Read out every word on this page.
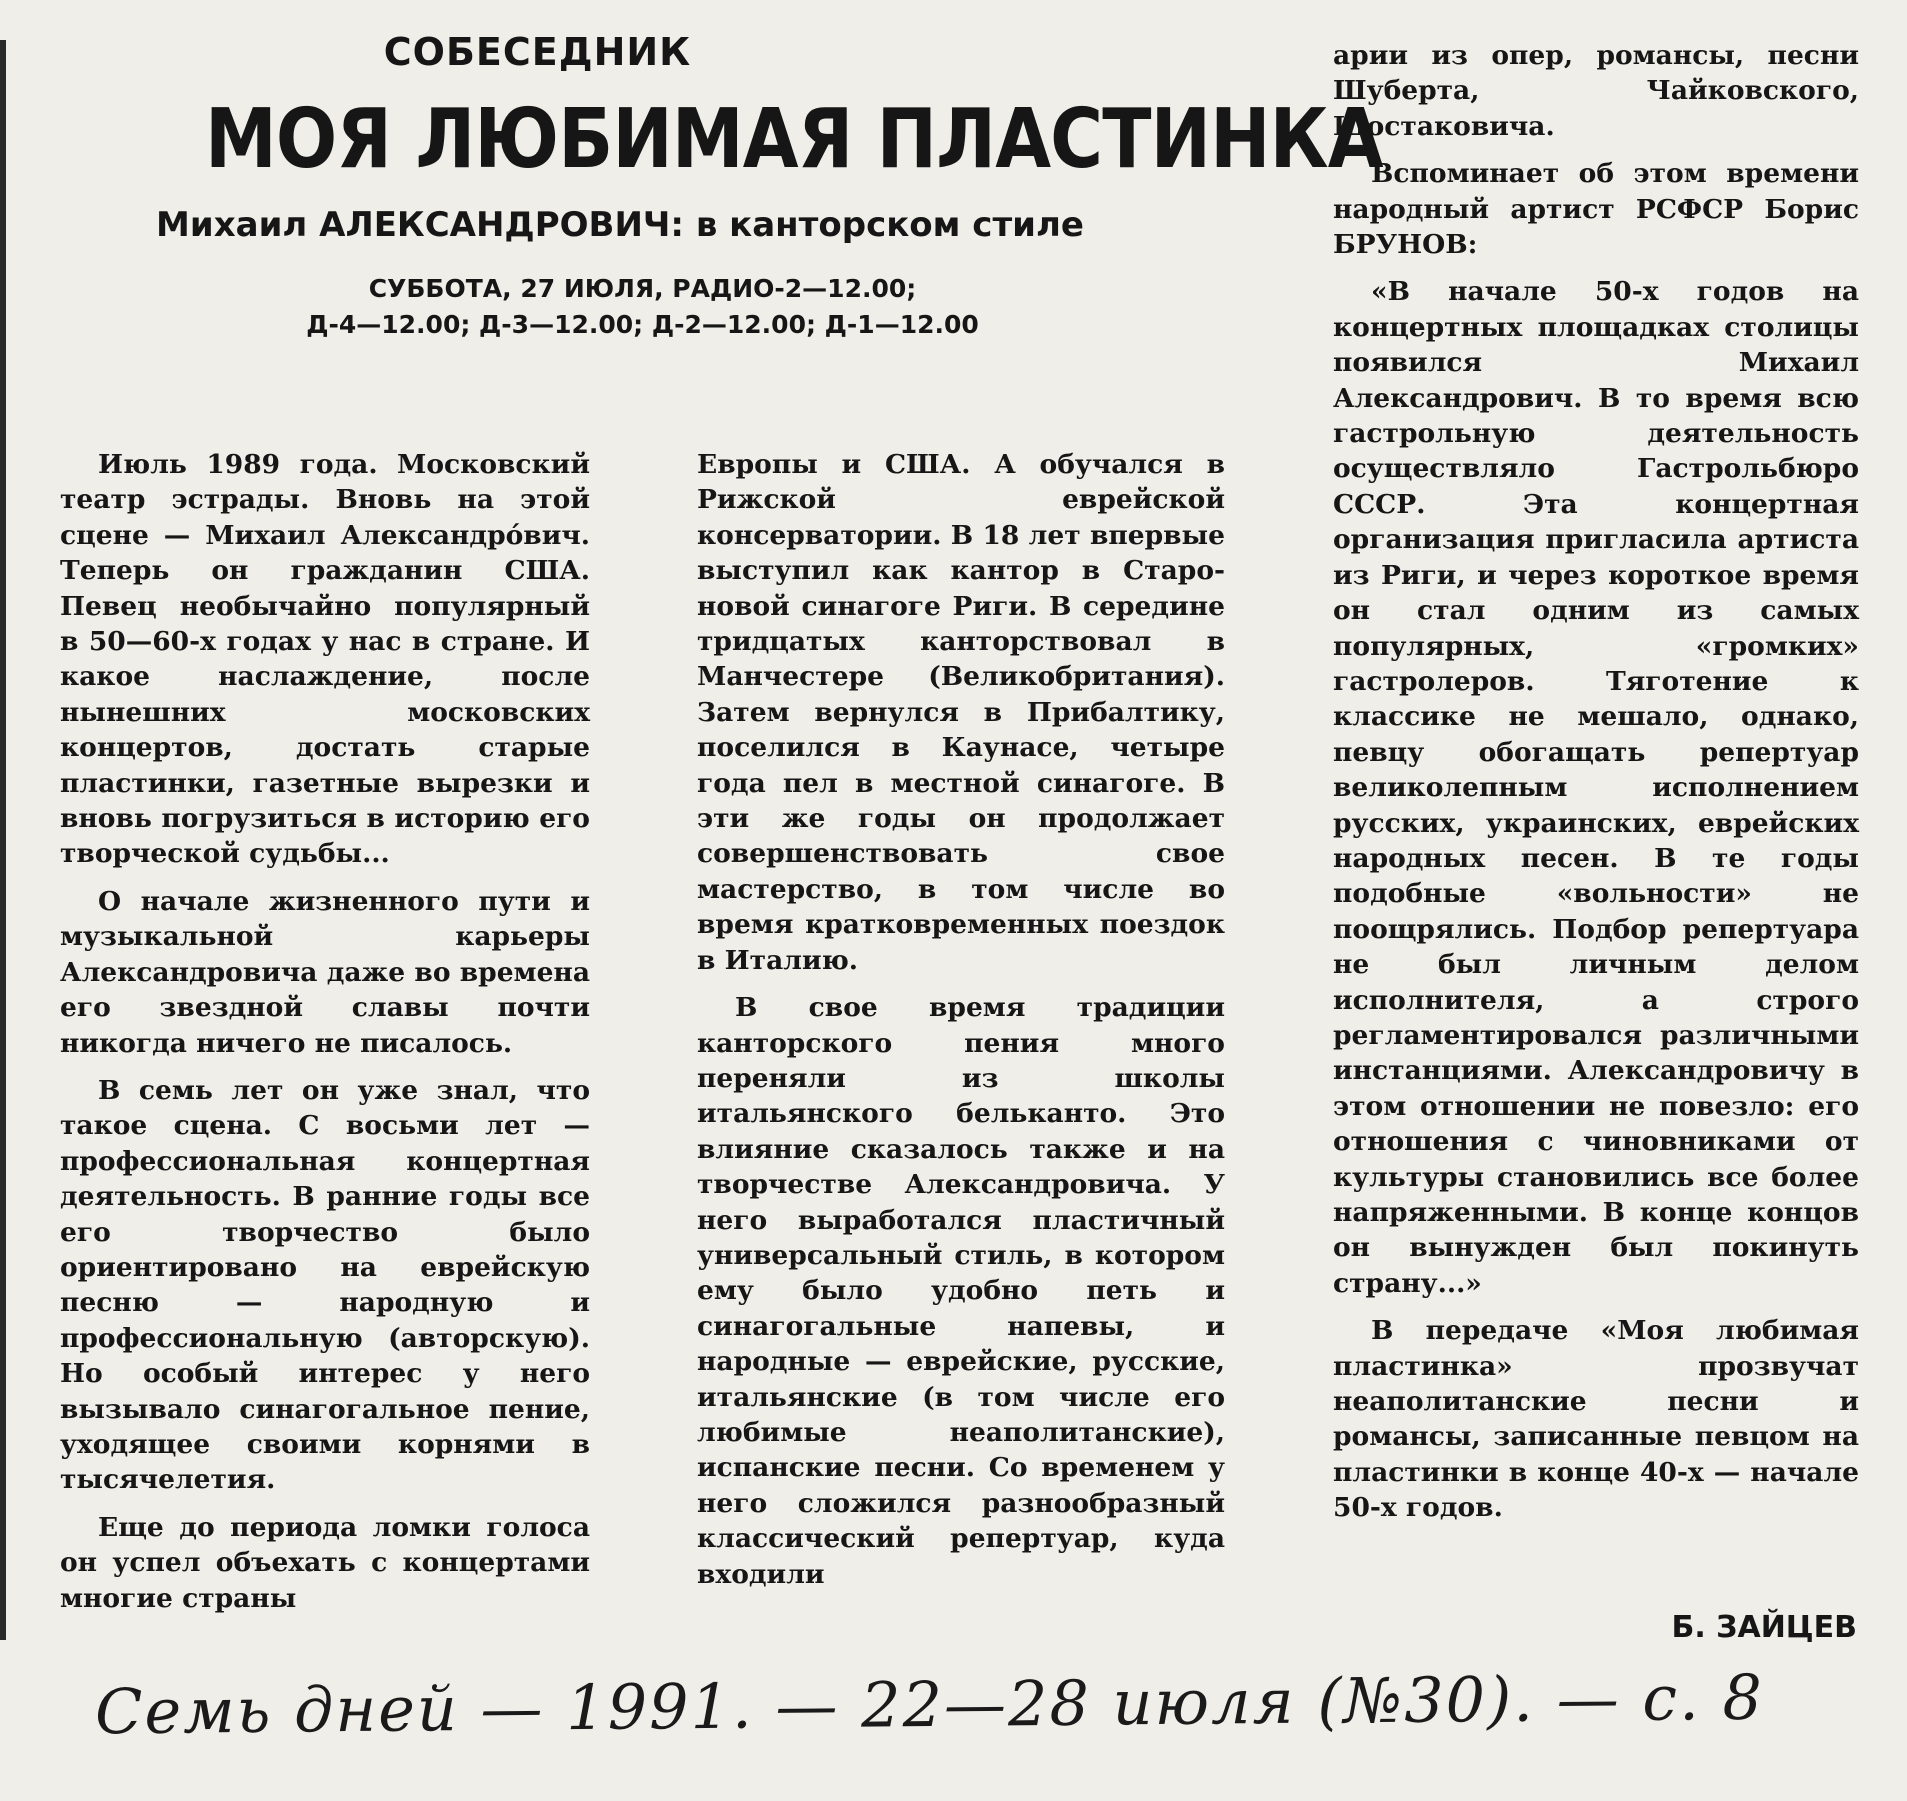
СОБЕСЕДНИК
МОЯ ЛЮБИМАЯ ПЛАСТИНКА
Михаил АЛЕКСАНДРОВИЧ: в канторском стиле
СУББОТА, 27 ИЮЛЯ, РАДИО-2—12.00;
Д-4—12.00; Д-3—12.00; Д-2—12.00; Д-1—12.00

Июль 1989 года. Московский театр эстрады. Вновь на этой сцене — Михаил Александрóвич. Теперь он гражданин США. Певец необычайно популярный в 50—60-х годах у нас в стране. И какое наслаждение, после нынешних московских концертов, достать старые пластинки, газетные вырезки и вновь погрузиться в историю его творческой судьбы...

О начале жизненного пути и музыкальной карьеры Александровича даже во времена его звездной славы почти никогда ничего не писалось.

В семь лет он уже знал, что такое сцена. С восьми лет — профессиональная концертная деятельность. В ранние годы все его творчество было ориентировано на еврейскую песню — народную и профессиональную (авторскую). Но особый интерес у него вызывало синагогальное пение, уходящее своими корнями в тысячелетия.

Еще до периода ломки голоса он успел объехать с концертами многие страны

Европы и США. А обучался в Рижской еврейской консерватории. В 18 лет впервые выступил как кантор в Старо-новой синагоге Риги. В середине тридцатых канторствовал в Манчестере (Великобритания). Затем вернулся в Прибалтику, поселился в Каунасе, четыре года пел в местной синагоге. В эти же годы он продолжает совершенствовать свое мастерство, в том числе во время кратковременных поездок в Италию.

В свое время традиции канторского пения много переняли из школы итальянского бельканто. Это влияние сказалось также и на творчестве Александровича. У него выработался пластичный универсальный стиль, в котором ему было удобно петь и синагогальные напевы, и народные — еврейские, русские, итальянские (в том числе его любимые неаполитанские), испанские песни. Со временем у него сложился разнообразный классический репертуар, куда входили

арии из опер, романсы, песни Шуберта, Чайковского, Шостаковича.

Вспоминает об этом времени народный артист РСФСР Борис БРУНОВ:

«В начале 50-х годов на концертных площадках столицы появился Михаил Александрович. В то время всю гастрольную деятельность осуществляло Гастрольбюро СССР. Эта концертная организация пригласила артиста из Риги, и через короткое время он стал одним из самых популярных, «громких» гастролеров. Тяготение к классике не мешало, однако, певцу обогащать репертуар великолепным исполнением русских, украинских, еврейских народных песен. В те годы подобные «вольности» не поощрялись. Подбор репертуара не был личным делом исполнителя, а строго регламентировался различными инстанциями. Александровичу в этом отношении не повезло: его отношения с чиновниками от культуры становились все более напряженными. В конце концов он вынужден был покинуть страну...»

В передаче «Моя любимая пластинка» прозвучат неаполитанские песни и романсы, записанные певцом на пластинки в конце 40-х — начале 50-х годов.

Б. ЗАЙЦЕВ
Семь дней — 1991. — 22—28 июля (№30). — с. 8
